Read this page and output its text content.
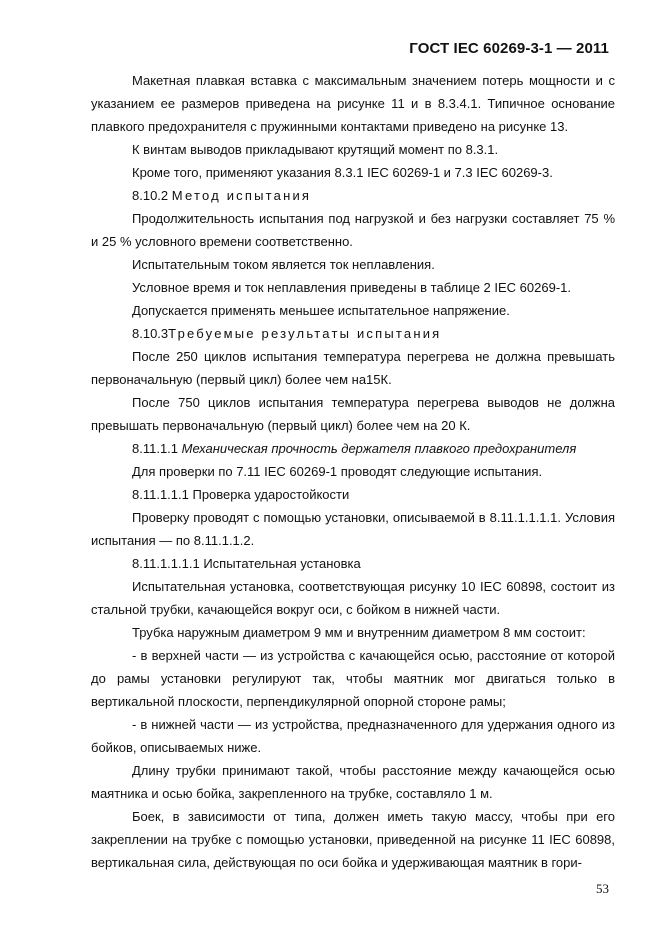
ГОСТ IEC 60269-3-1 — 2011

Макетная плавкая вставка с максимальным значением потерь мощности и с указанием ее размеров приведена на рисунке 11 и в 8.3.4.1. Типичное основание плавкого предохранителя с пружинными контактами приведено на рисунке 13.

К винтам выводов прикладывают крутящий момент по 8.3.1.

Кроме того, применяют указания 8.3.1 IEC 60269-1 и 7.3 IEC 60269-3.

8.10.2 Метод испытания

Продолжительность испытания под нагрузкой и без нагрузки составляет 75 % и 25 % условного времени соответственно.

Испытательным током является ток неплавления.

Условное время и ток неплавления приведены в таблице 2 IEC 60269-1.

Допускается применять меньшее испытательное напряжение.

8.10.3Требуемые результаты испытания

После 250 циклов испытания температура перегрева не должна превышать первоначальную (первый цикл) более чем на15К.

После 750 циклов испытания температура перегрева выводов не должна превышать первоначальную (первый цикл) более чем на 20 К.

8.11.1.1 Механическая прочность держателя плавкого предохранителя

Для проверки по 7.11 IEC 60269-1 проводят следующие испытания.

8.11.1.1.1 Проверка ударостойкости

Проверку проводят с помощью установки, описываемой в 8.11.1.1.1.1. Условия испытания — по 8.11.1.1.2.

8.11.1.1.1.1 Испытательная установка

Испытательная установка, соответствующая рисунку 10 IEC 60898, состоит из стальной трубки, качающейся вокруг оси, с бойком в нижней части.

Трубка наружным диаметром 9 мм и внутренним диаметром 8 мм состоит:

- в верхней части — из устройства с качающейся осью, расстояние от которой до рамы установки регулируют так, чтобы маятник мог двигаться только в вертикальной плоскости, перпендикулярной опорной стороне рамы;

- в нижней части — из устройства, предназначенного для удержания одного из бойков, описываемых ниже.

Длину трубки принимают такой, чтобы расстояние между качающейся осью маятника и осью бойка, закрепленного на трубке, составляло 1 м.

Боек, в зависимости от типа, должен иметь такую массу, чтобы при его закреплении на трубке с помощью установки, приведенной на рисунке 11 IEC 60898, вертикальная сила, действующая по оси бойка и удерживающая маятник в гори-

53
